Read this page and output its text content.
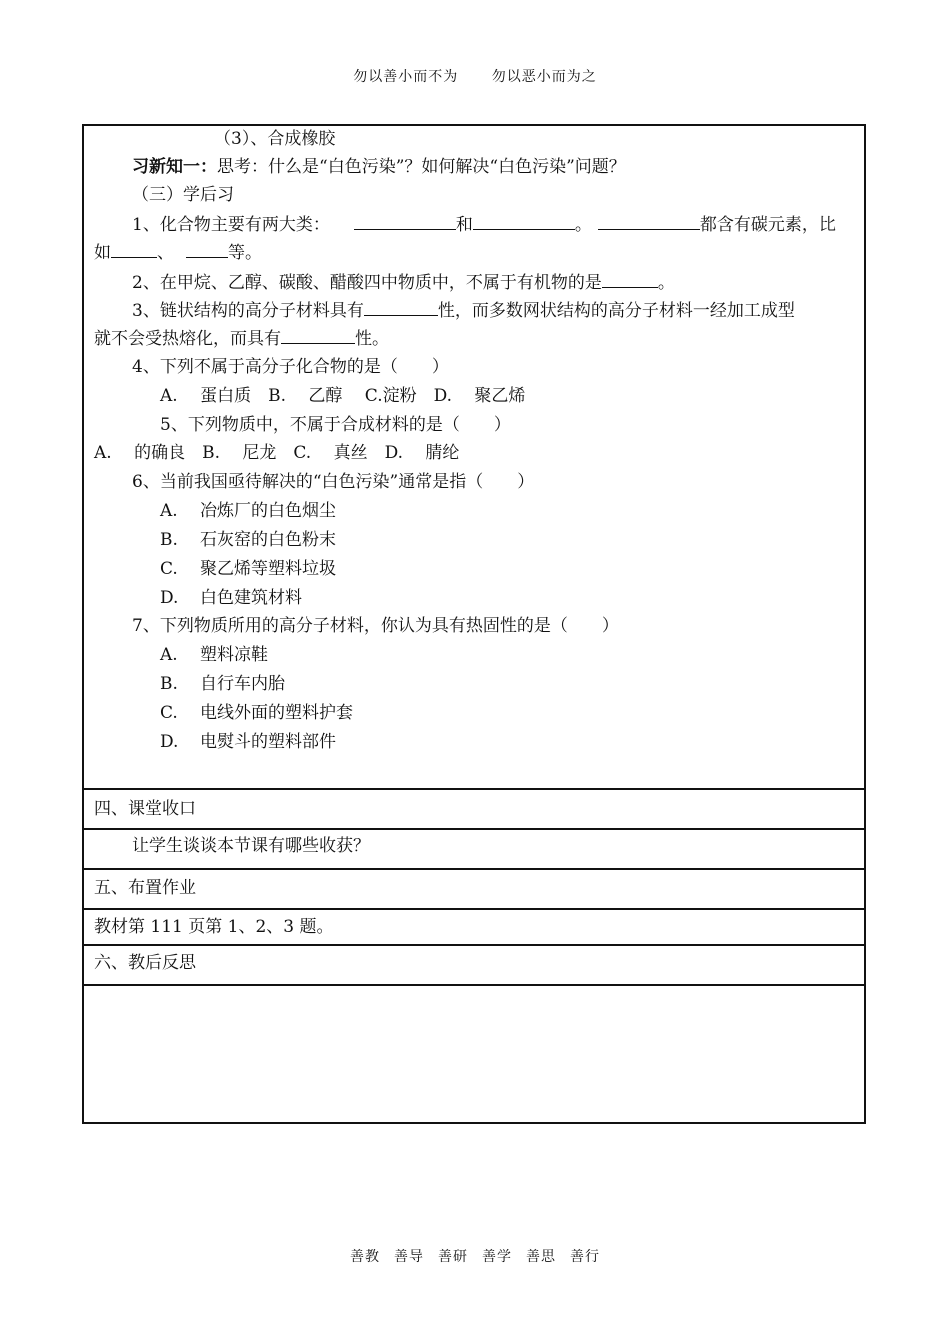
勿以善小而不为 勿以恶小而为之
（3）、合成橡胶
习新知一：思考：什么是“白色污染”？如何解决“白色污染”问题？
（三）学后习
1、化合物主要有两大类：	和	。	都含有碳元素，比
如	、	等。
2、在甲烷、乙醇、碳酸、醋酸四中物质中，不属于有机物的是	。
3、链状结构的高分子材料具有	性，而多数网状结构的高分子材料一经加工成型
就不会受热熔化，而具有	性。
4、下列不属于高分子化合物的是（　　）
A.　 蛋白质　B.　 乙醇　 C.淀粉　D.　 聚乙烯
5、下列物质中，不属于合成材料的是（　　）
A.　 的确良　B.　 尼龙　C.　 真丝　D.　 腈纶
6、当前我国亟待解决的“白色污染”通常是指（　　）
A. 冶炼厂的白色烟尘
B. 石灰窑的白色粉末
C. 聚乙烯等塑料垃圾
D. 白色建筑材料
7、下列物质所用的高分子材料，你认为具有热固性的是（　　）
A. 塑料凉鞋
B. 自行车内胎
C. 电线外面的塑料护套
D. 电熨斗的塑料部件
四、课堂收口
让学生谈谈本节课有哪些收获？
五、布置作业
教材第 111 页第 1、2、3 题。
六、教后反思
善教 善导 善研 善学 善思 善行
